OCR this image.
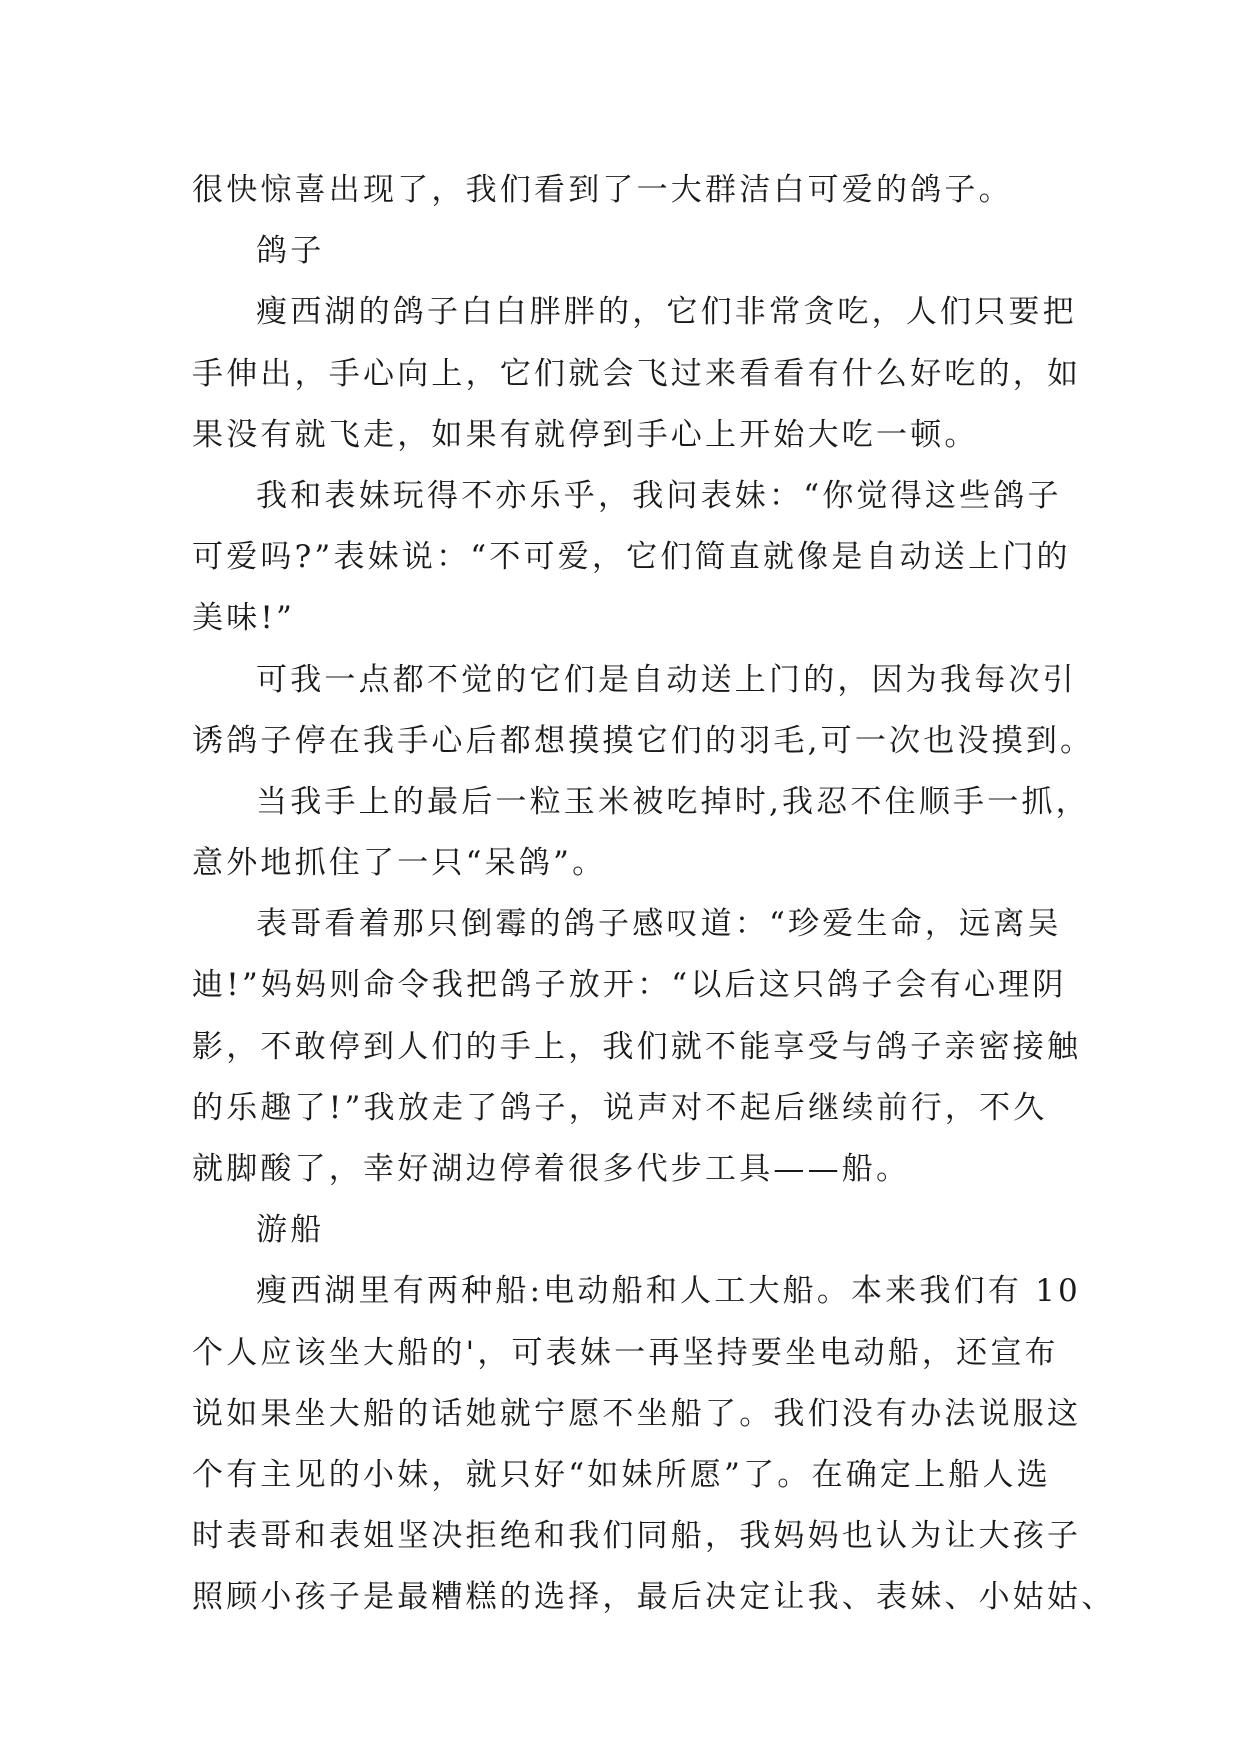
很快惊喜出现了，我们看到了一大群洁白可爱的鸽子。
鸽子
瘦西湖的鸽子白白胖胖的，它们非常贪吃，人们只要把
手伸出，手心向上，它们就会飞过来看看有什么好吃的，如
果没有就飞走，如果有就停到手心上开始大吃一顿。
我和表妹玩得不亦乐乎，我问表妹：“你觉得这些鸽子
可爱吗?”表妹说：“不可爱，它们简直就像是自动送上门的
美味!”
可我一点都不觉的它们是自动送上门的，因为我每次引
诱鸽子停在我手心后都想摸摸它们的羽毛,可一次也没摸到。
当我手上的最后一粒玉米被吃掉时,我忍不住顺手一抓，
意外地抓住了一只“呆鸽”。
表哥看着那只倒霉的鸽子感叹道：“珍爱生命，远离吴
迪!”妈妈则命令我把鸽子放开：“以后这只鸽子会有心理阴
影，不敢停到人们的手上，我们就不能享受与鸽子亲密接触
的乐趣了!”我放走了鸽子，说声对不起后继续前行，不久
就脚酸了，幸好湖边停着很多代步工具——船。
游船
瘦西湖里有两种船:电动船和人工大船。本来我们有 10
个人应该坐大船的'，可表妹一再坚持要坐电动船，还宣布
说如果坐大船的话她就宁愿不坐船了。我们没有办法说服这
个有主见的小妹，就只好“如妹所愿”了。在确定上船人选
时表哥和表姐坚决拒绝和我们同船，我妈妈也认为让大孩子
照顾小孩子是最糟糕的选择，最后决定让我、表妹、小姑姑、
